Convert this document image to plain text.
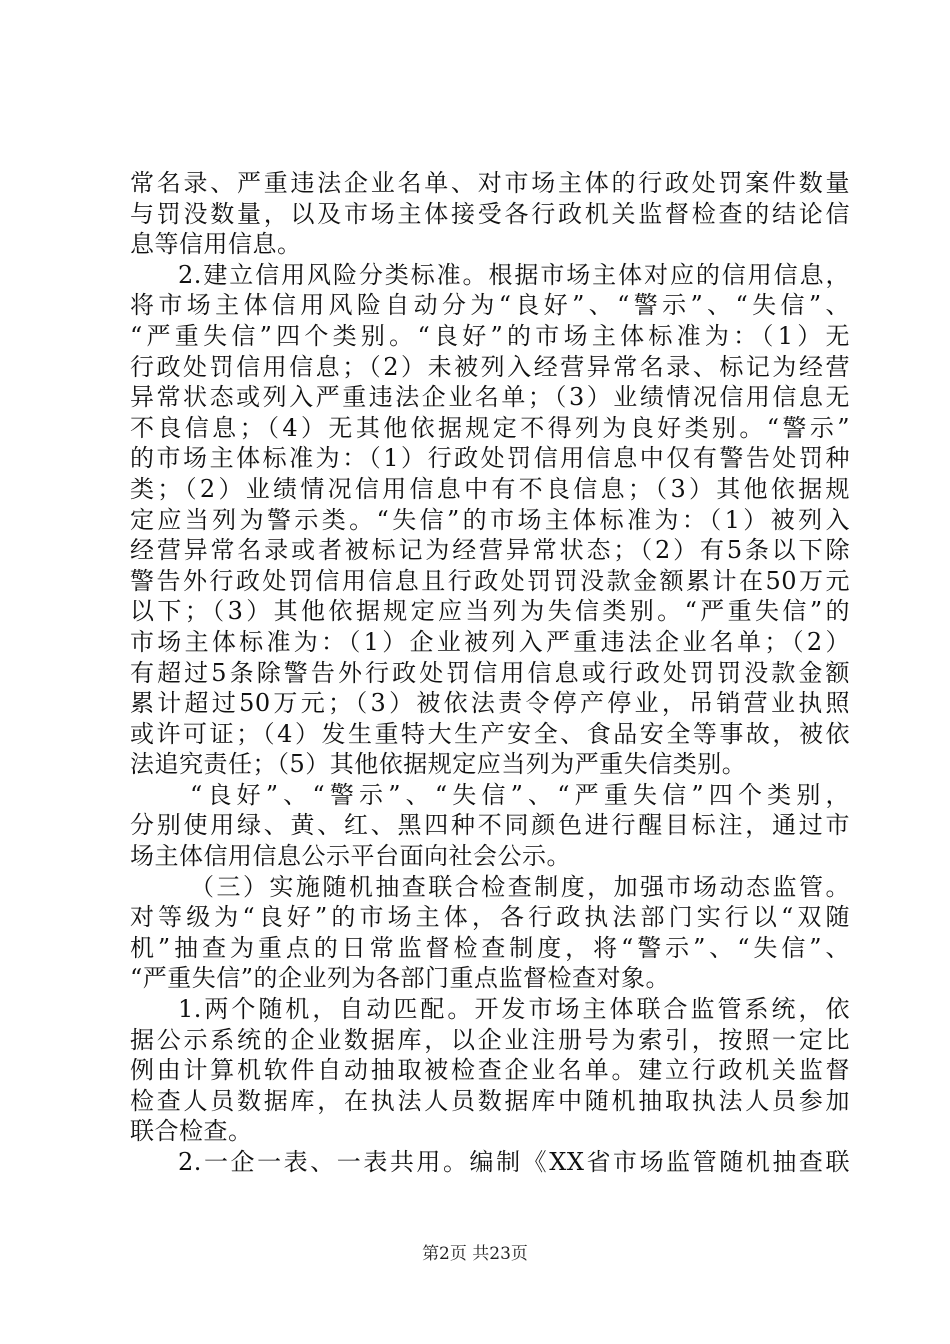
常名录、严重违法企业名单、对市场主体的行政处罚案件数量
与罚没数量，以及市场主体接受各行政机关监督检查的结论信
息等信用信息。
2.建立信用风险分类标准。根据市场主体对应的信用信息，
将市场主体信用风险自动分为“良好”、“警示”、“失信”、
“严重失信”四个类别。“良好”的市场主体标准为：（1）无
行政处罚信用信息；（2）未被列入经营异常名录、标记为经营
异常状态或列入严重违法企业名单；（3）业绩情况信用信息无
不良信息；（4）无其他依据规定不得列为良好类别。“警示”
的市场主体标准为：（1）行政处罚信用信息中仅有警告处罚种
类；（2）业绩情况信用信息中有不良信息；（3）其他依据规
定应当列为警示类。“失信”的市场主体标准为：（1）被列入
经营异常名录或者被标记为经营异常状态；（2）有5条以下除
警告外行政处罚信用信息且行政处罚罚没款金额累计在50万元
以下；（3）其他依据规定应当列为失信类别。“严重失信”的
市场主体标准为：（1）企业被列入严重违法企业名单；（2）
有超过5条除警告外行政处罚信用信息或行政处罚罚没款金额
累计超过50万元；（3）被依法责令停产停业，吊销营业执照
或许可证；（4）发生重特大生产安全、食品安全等事故，被依
法追究责任；（5）其他依据规定应当列为严重失信类别。
“良好”、“警示”、“失信”、“严重失信”四个类别，
分别使用绿、黄、红、黑四种不同颜色进行醒目标注，通过市
场主体信用信息公示平台面向社会公示。
（三）实施随机抽查联合检查制度，加强市场动态监管。
对等级为“良好”的市场主体，各行政执法部门实行以“双随
机”抽查为重点的日常监督检查制度，将“警示”、“失信”、
“严重失信”的企业列为各部门重点监督检查对象。
1.两个随机，自动匹配。开发市场主体联合监管系统，依
据公示系统的企业数据库，以企业注册号为索引，按照一定比
例由计算机软件自动抽取被检查企业名单。建立行政机关监督
检查人员数据库，在执法人员数据库中随机抽取执法人员参加
联合检查。
2.一企一表、一表共用。编制《XX省市场监管随机抽查联
第2页 共23页
